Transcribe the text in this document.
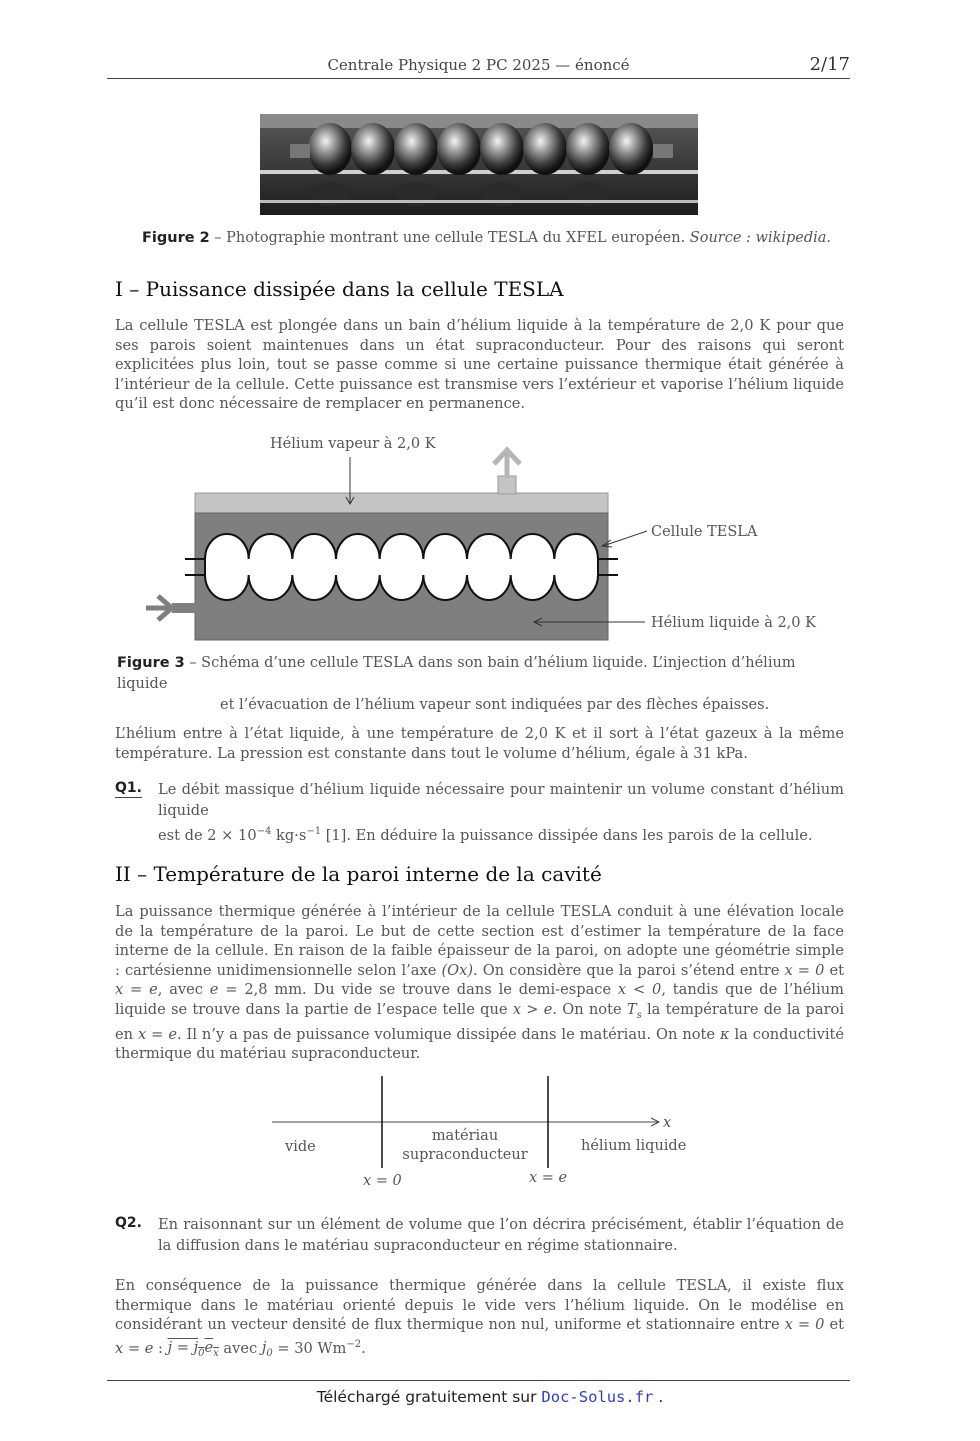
Centrale Physique 2 PC 2025 — énoncé	2/17
Figure 2 – Photographie montrant une cellule TESLA du XFEL européen. Source : wikipedia.
I – Puissance dissipée dans la cellule TESLA

La cellule TESLA est plongée dans un bain d’hélium liquide à la température de 2,0 K pour que ses parois soient maintenues dans un état supraconducteur. Pour des raisons qui seront explicitées plus loin, tout se passe comme si une certaine puissance thermique était générée à l’intérieur de la cellule. Cette puissance est transmise vers l’extérieur et vaporise l’hélium liquide qu’il est donc nécessaire de remplacer en permanence.

Hélium vapeur à 2,0 K
Cellule TESLA
Hélium liquide à 2,0 K
Figure 3 – Schéma d’une cellule TESLA dans son bain d’hélium liquide. L’injection d’hélium liquide
et l’évacuation de l’hélium vapeur sont indiquées par des flèches épaisses.

L’hélium entre à l’état liquide, à une température de 2,0 K et il sort à l’état gazeux à la même température. La pression est constante dans tout le volume d’hélium, égale à 31 kPa.

Q1. Le débit massique d’hélium liquide nécessaire pour maintenir un volume constant d’hélium liquide
est de $2 \times 10^{-4}$ $kg\cdot s^{-1}$ [1]. En déduire la puissance dissipée dans les parois de la cellule.
II – Température de la paroi interne de la cavité

La puissance thermique générée à l’intérieur de la cellule TESLA conduit à une élévation locale de la température de la paroi. Le but de cette section est d’estimer la température de la face interne de la cellule. En raison de la faible épaisseur de la paroi, on adopte une géométrie simple : cartésienne unidimensionnelle selon l’axe (Ox). On considère que la paroi s’étend entre x = 0 et x = e, avec e = 2,8 mm. Du vide se trouve dans le demi-espace x < 0, tandis que de l’hélium liquide se trouve dans la partie de l’espace telle que x > e. On note $T_s$ la température de la paroi en x = e. Il n’y a pas de puissance volumique dissipée dans le matériau. On note κ la conductivité thermique du matériau supraconducteur.

x
vide
matériau
supraconducteur
hélium liquide
x = 0	x = e
Q2. En raisonnant sur un élément de volume que l’on décrira précisément, établir l’équation de la diffusion dans le matériau supraconducteur en régime stationnaire.

En conséquence de la puissance thermique générée dans la cellule TESLA, il existe flux thermique dans le matériau orienté depuis le vide vers l’hélium liquide. On le modélise en considérant un vecteur densité de flux thermique non nul, uniforme et stationnaire entre x = 0 et x = e : $j = j_0e_x$ avec $j_0 = 30$ $Wm^{-2}$.

Téléchargé gratuitement sur Doc-Solus.fr .
